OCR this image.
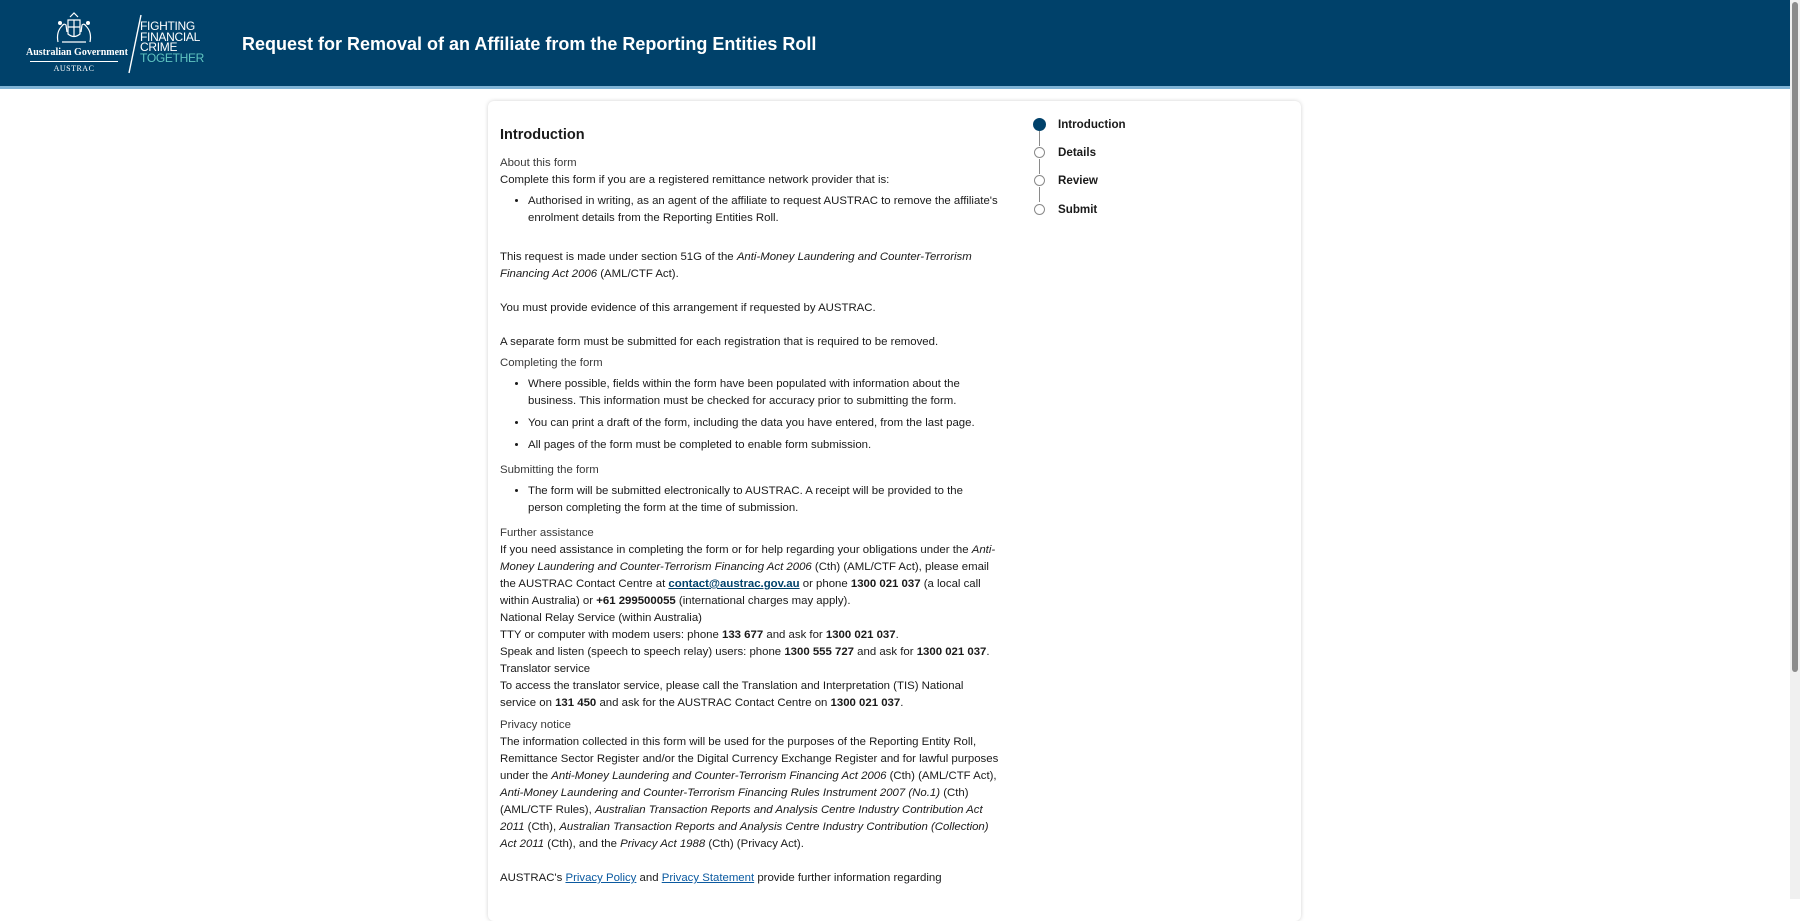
Australian Government
AUSTRAC
FIGHTING
FINANCIAL
CRIME
TOGETHER
Request for Removal of an Affiliate from the Reporting Entities Roll
Introduction
About this form

Complete this form if you are a registered remittance network provider that is:

• Authorised in writing, as an agent of the affiliate to request AUSTRAC to remove the affiliate's enrolment details from the Reporting Entities Roll.

This request is made under section 51G of the Anti-Money Laundering and Counter-Terrorism Financing Act 2006 (AML/CTF Act).

You must provide evidence of this arrangement if requested by AUSTRAC.

A separate form must be submitted for each registration that is required to be removed.

Completing the form
• Where possible, fields within the form have been populated with information about the business. This information must be checked for accuracy prior to submitting the form.
• You can print a draft of the form, including the data you have entered, from the last page.
• All pages of the form must be completed to enable form submission.
Submitting the form
• The form will be submitted electronically to AUSTRAC. A receipt will be provided to the person completing the form at the time of submission.
Further assistance

If you need assistance in completing the form or for help regarding your obligations under the Anti-Money Laundering and Counter-Terrorism Financing Act 2006 (Cth) (AML/CTF Act), please email the AUSTRAC Contact Centre at contact@austrac.gov.au or phone 1300 021 037 (a local call within Australia) or +61 299500055 (international charges may apply).

National Relay Service (within Australia)

TTY or computer with modem users: phone 133 677 and ask for 1300 021 037.

Speak and listen (speech to speech relay) users: phone 1300 555 727 and ask for 1300 021 037.

Translator service

To access the translator service, please call the Translation and Interpretation (TIS) National service on 131 450 and ask for the AUSTRAC Contact Centre on 1300 021 037.

Privacy notice

The information collected in this form will be used for the purposes of the Reporting Entity Roll, Remittance Sector Register and/or the Digital Currency Exchange Register and for lawful purposes under the Anti-Money Laundering and Counter-Terrorism Financing Act 2006 (Cth) (AML/CTF Act), Anti-Money Laundering and Counter-Terrorism Financing Rules Instrument 2007 (No.1) (Cth) (AML/CTF Rules), Australian Transaction Reports and Analysis Centre Industry Contribution Act 2011 (Cth), Australian Transaction Reports and Analysis Centre Industry Contribution (Collection) Act 2011 (Cth), and the Privacy Act 1988 (Cth) (Privacy Act).

AUSTRAC's Privacy Policy and Privacy Statement provide further information regarding

Introduction
Details
Review
Submit
